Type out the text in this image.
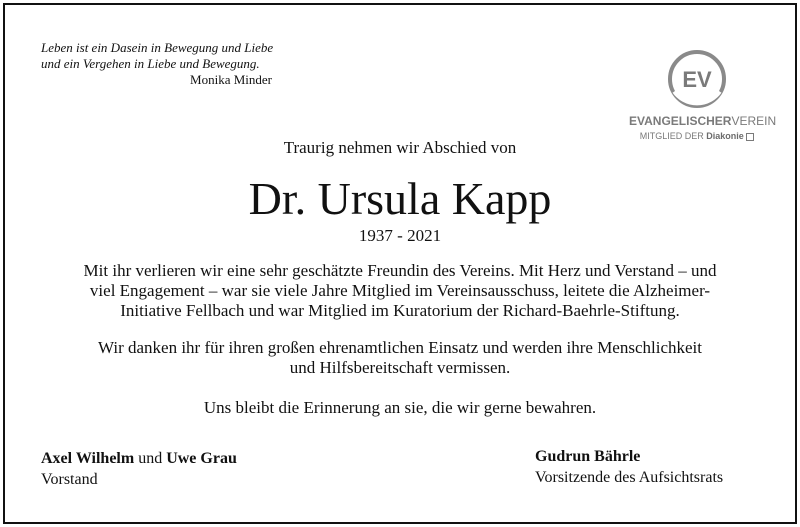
Leben ist ein Dasein in Bewegung und Liebe
und ein Vergehen in Liebe und Bewegung.
Monika Minder	EV
EVANGELISCHERVEREIN
MITGLIED DER Diakonie
Traurig nehmen wir Abschied von
Dr. Ursula Kapp
1937 - 2021
Mit ihr verlieren wir eine sehr geschätzte Freundin des Vereins. Mit Herz und Verstand – und
viel Engagement – war sie viele Jahre Mitglied im Vereinsausschuss, leitete die Alzheimer-
Initiative Fellbach und war Mitglied im Kuratorium der Richard-Baehrle-Stiftung.
Wir danken ihr für ihren großen ehrenamtlichen Einsatz und werden ihre Menschlichkeit
und Hilfsbereitschaft vermissen.
Uns bleibt die Erinnerung an sie, die wir gerne bewahren.
Axel Wilhelm und Uwe Grau
Vorstand
Gudrun Bährle
Vorsitzende des Aufsichtsrats
